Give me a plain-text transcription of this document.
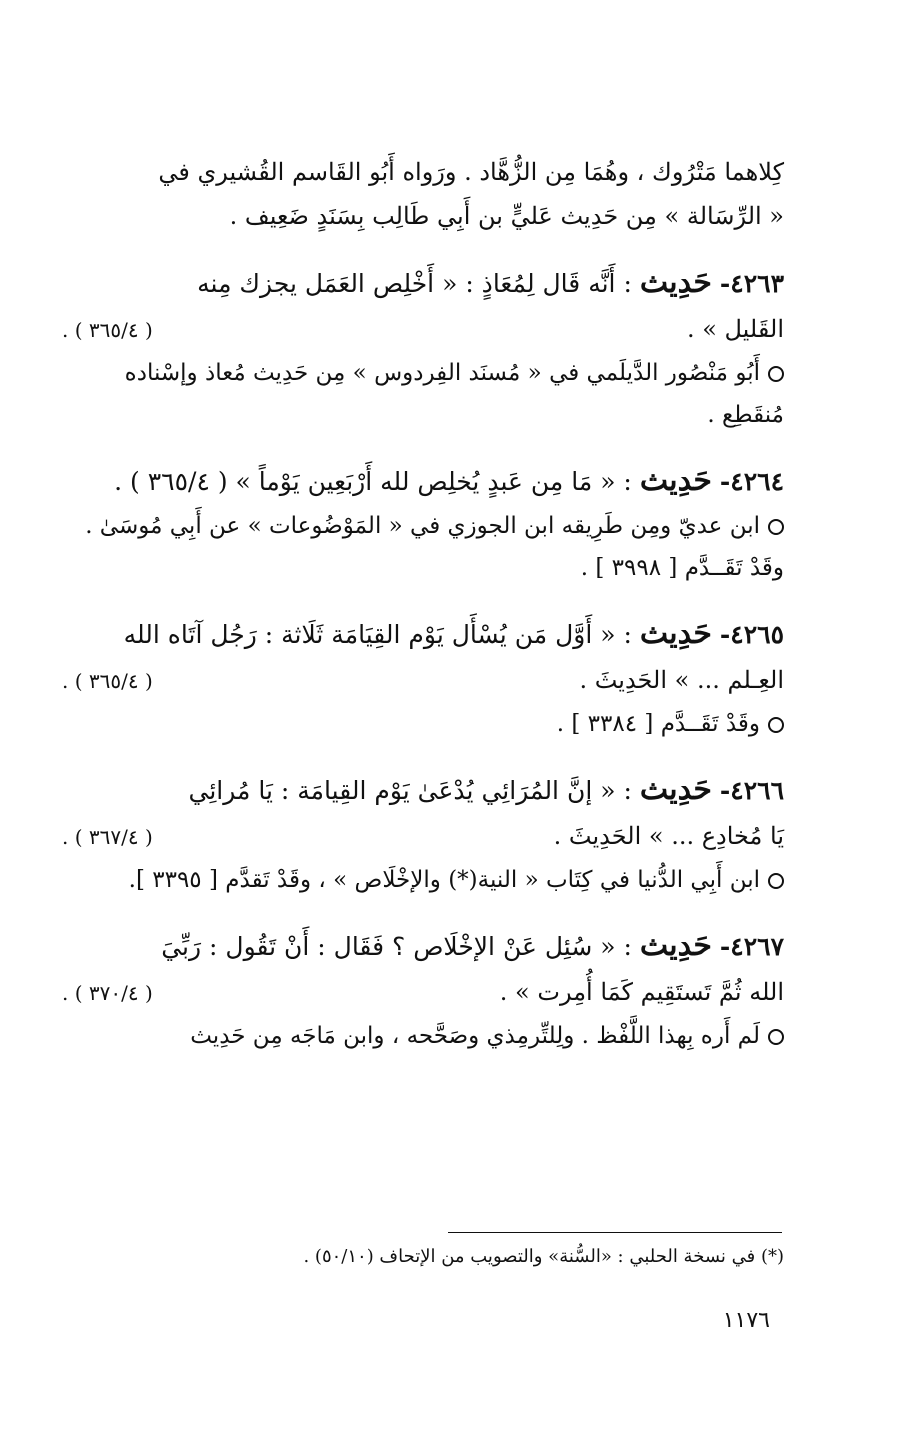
كِلاهما مَتْرُوك ، وهُمَا مِن الزُّهَّاد . ورَواه أَبُو القَاسم القُشيري في
« الرِّسَالة » مِن حَدِيث عَليٍّ بن أَبِي طَالِب بِسَنَدٍ ضَعِيف .
٤٢٦٣- حَدِيث : أَنَّه قَال لِمُعَاذٍ : « أَخْلِص العَمَل يجزك مِنه
القَليل » .
( ٣٦٥/٤ ) .
أَبُو مَنْصُور الدَّيلَمي في « مُسنَد الفِردوس » مِن حَدِيث مُعاذ وإسْناده مُنقَطِع .
٤٢٦٤- حَدِيث : « مَا مِن عَبدٍ يُخلِص لله أَرْبَعِين يَوْماً » ( ٣٦٥/٤ ) .
ابن عديّ ومِن طَرِيقه ابن الجوزي في « المَوْضُوعات » عن أَبِي مُوسَىٰ . وقَدْ تَقَــدَّم [ ٣٩٩٨ ] .
٤٢٦٥- حَدِيث : « أَوَّل مَن يُسْأَل يَوْم القِيَامَة ثَلَاثة : رَجُل آتَاه الله
العِـلم ... » الحَدِيثَ .
( ٣٦٥/٤ ) .
وقَدْ تَقَــدَّم [ ٣٣٨٤ ] .
٤٢٦٦- حَدِيث : « إنَّ المُرَائِي يُدْعَىٰ يَوْم القِيامَة : يَا مُرائِي
يَا مُخادِع ... » الحَدِيثَ .
( ٣٦٧/٤ ) .
ابن أَبِي الدُّنيا في كِتَاب « النية(*) والإخْلَاص » ، وقَدْ تَقدَّم [ ٣٣٩٥ ].
٤٢٦٧- حَدِيث : « سُئِل عَنْ الإخْلَاص ؟ فَقَال : أَنْ تَقُول : رَبِّيَ
الله ثُمَّ تَستَقِيم كَمَا أُمِرت » .
( ٣٧٠/٤ ) .
لَم أَره بِهذا اللَّفْظ . ولِلتِّرمِذي وصَحَّحه ، وابن مَاجَه مِن حَدِيث
(*) في نسخة الحلبي : «السُّنة» والتصويب من الإتحاف (٥٠/١٠) .
١١٧٦
